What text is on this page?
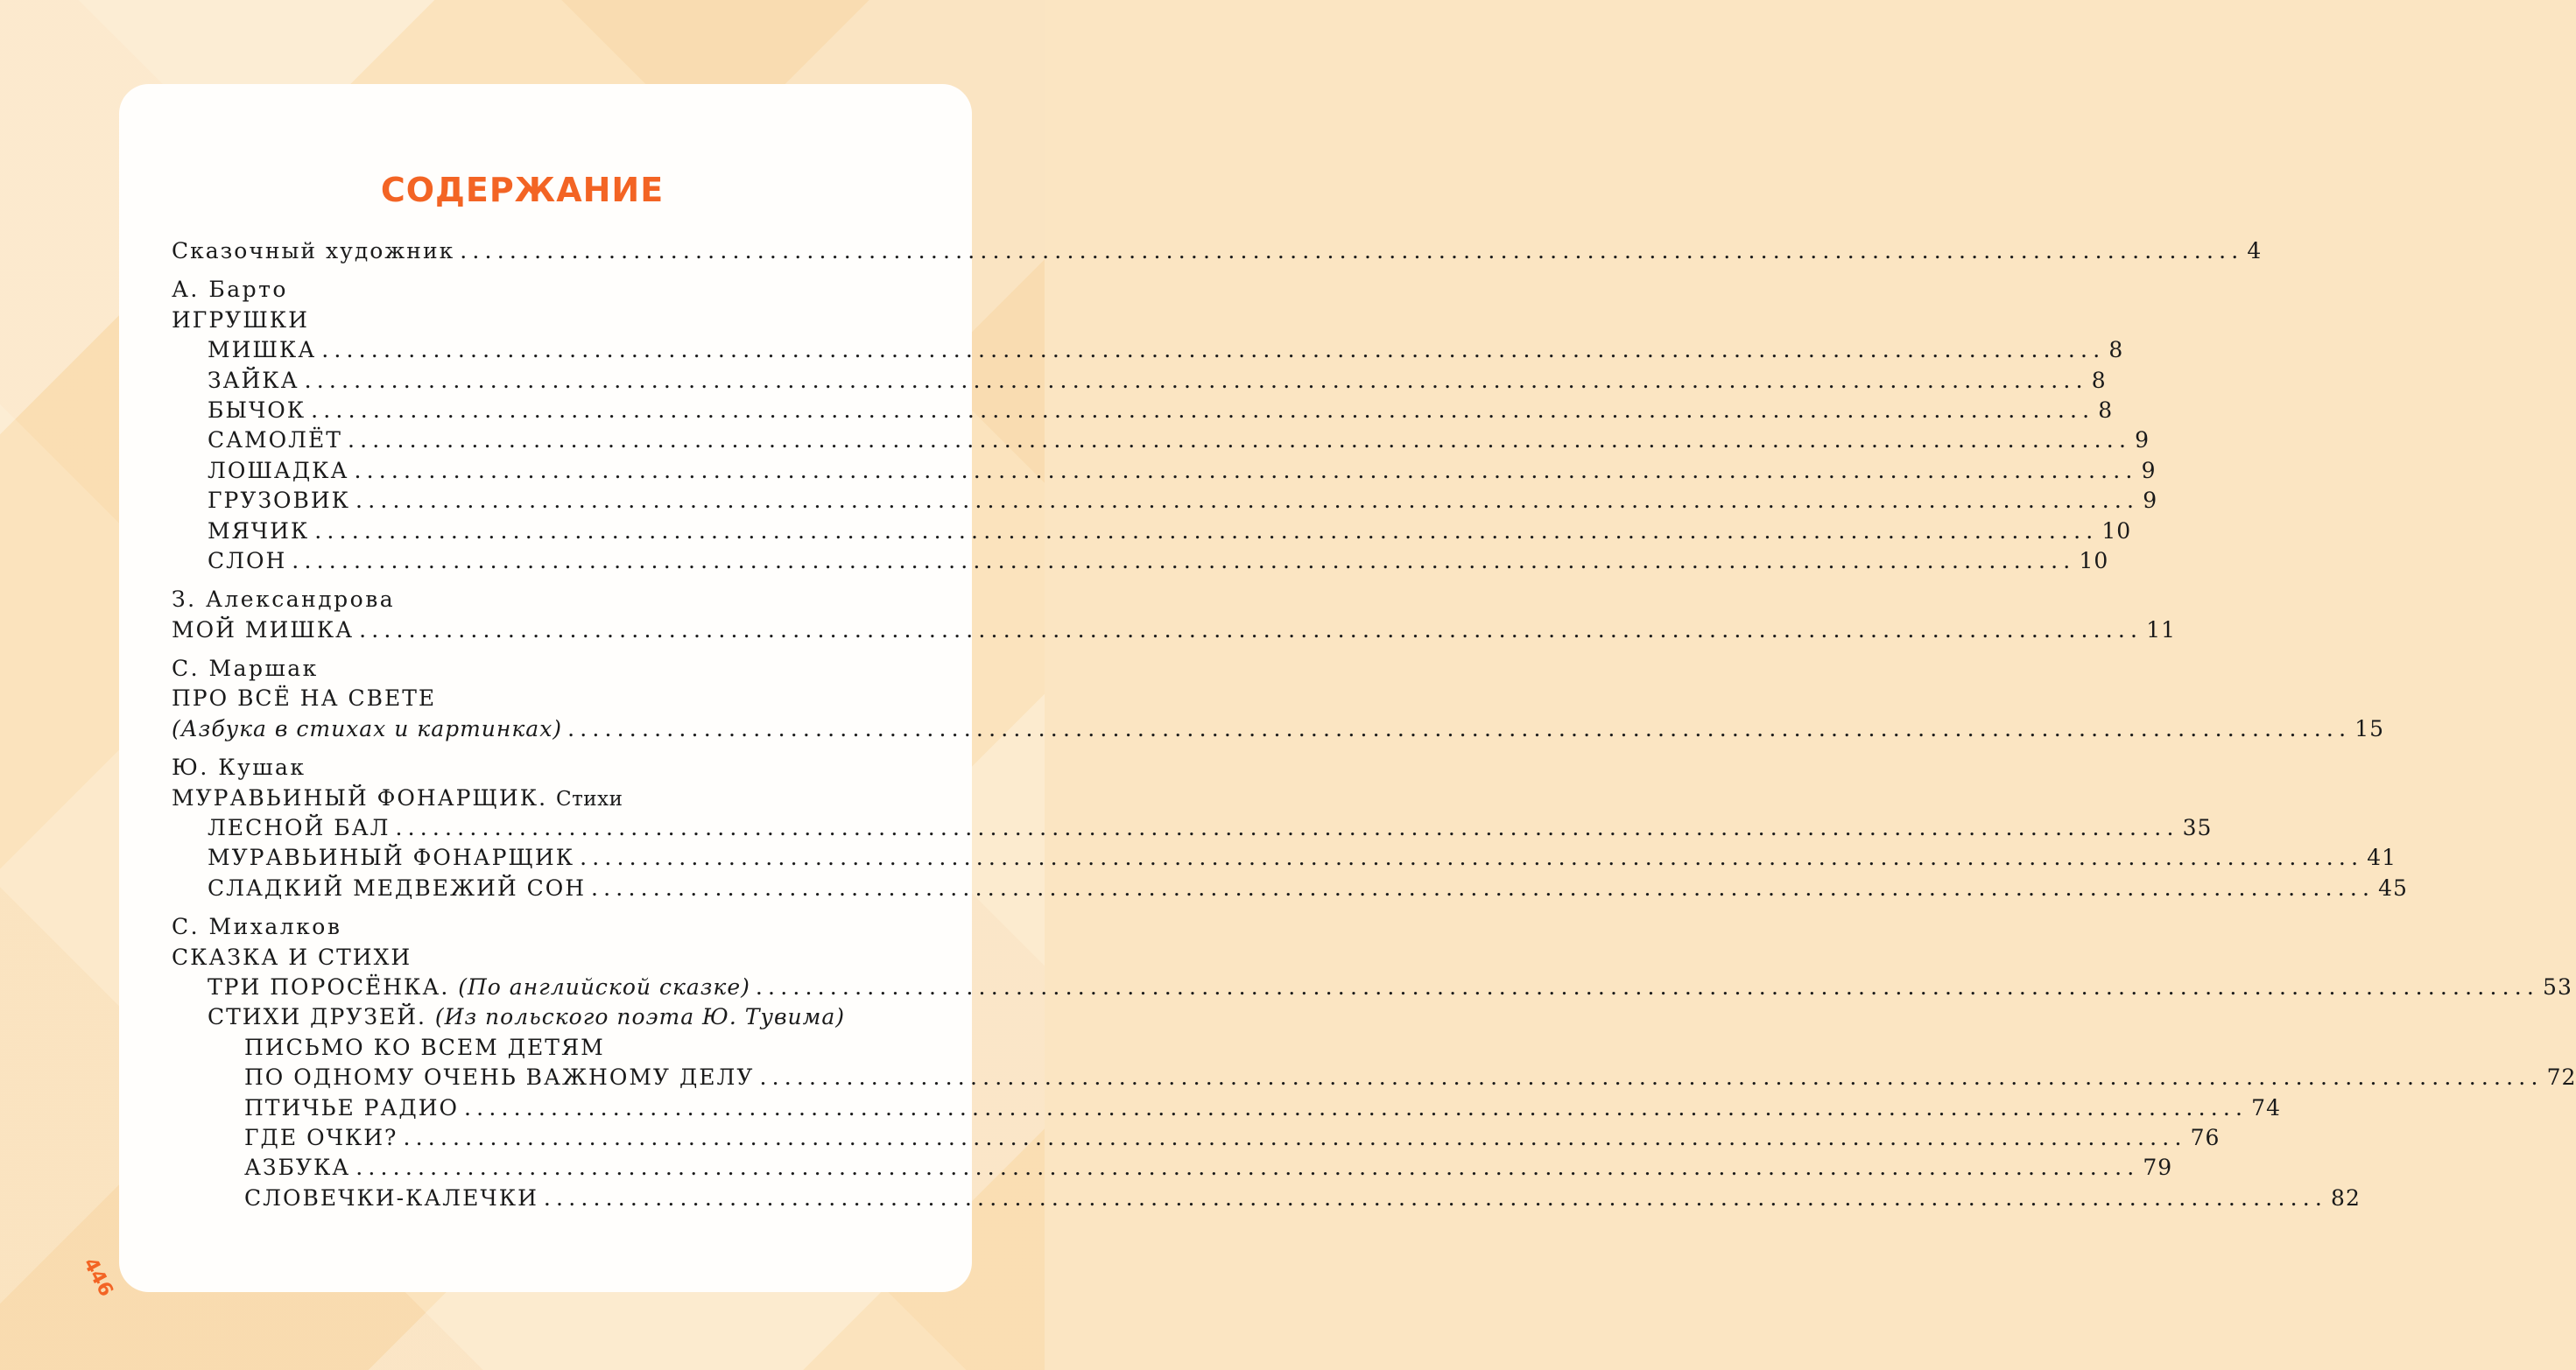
СОДЕРЖАНИЕ
Сказочный художник ................................................................................................................................................ 4
А. Барто
ИГРУШКИ
МИШКА ................................................................................................................................................ 8
ЗАЙКА ................................................................................................................................................ 8
БЫЧОК ................................................................................................................................................ 8
САМОЛЁТ ................................................................................................................................................ 9
ЛОШАДКА ................................................................................................................................................ 9
ГРУЗОВИК ................................................................................................................................................ 9
МЯЧИК ................................................................................................................................................ 10
СЛОН ................................................................................................................................................ 10
З. Александрова
МОЙ МИШКА ................................................................................................................................................ 11
С. Маршак
ПРО ВСЁ НА СВЕТЕ
(Азбука в стихах и картинках) ................................................................................................................................................ 15
Ю. Кушак
МУРАВЬИНЫЙ ФОНАРЩИК. Стихи
ЛЕСНОЙ БАЛ ................................................................................................................................................ 35
МУРАВЬИНЫЙ ФОНАРЩИК ................................................................................................................................................ 41
СЛАДКИЙ МЕДВЕЖИЙ СОН ................................................................................................................................................ 45
С. Михалков
СКАЗКА И СТИХИ
ТРИ ПОРОСЁНКА. (По английской сказке) ................................................................................................................................................ 53
СТИХИ ДРУЗЕЙ. (Из польского поэта Ю. Тувима)
ПИСЬМО КО ВСЕМ ДЕТЯМ
ПО ОДНОМУ ОЧЕНЬ ВАЖНОМУ ДЕЛУ ................................................................................................................................................ 72
ПТИЧЬЕ РАДИО ................................................................................................................................................ 74
ГДЕ ОЧКИ? ................................................................................................................................................ 76
АЗБУКА ................................................................................................................................................ 79
СЛОВЕЧКИ-КАЛЕЧКИ ................................................................................................................................................ 82
446
